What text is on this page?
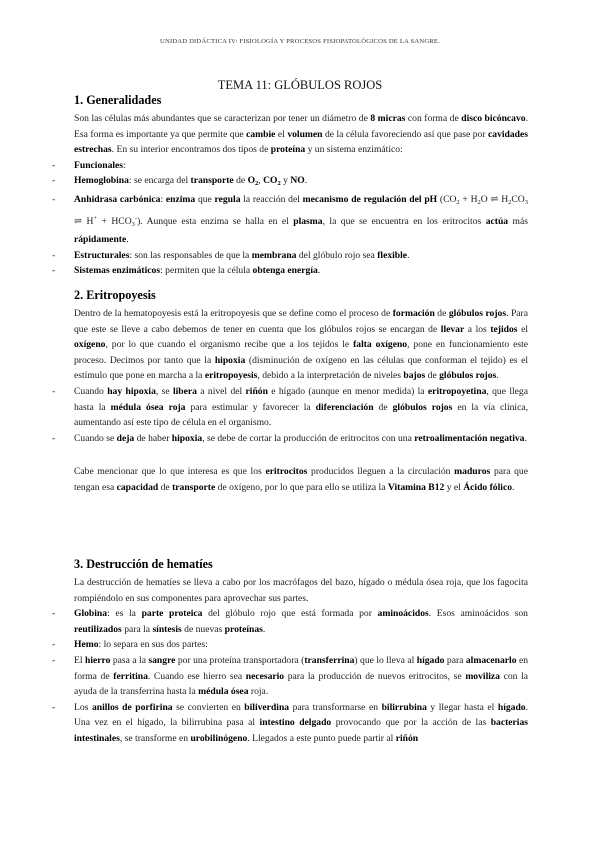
UNIDAD DIDÁCTICA IV: FISIOLOGÍA Y PROCESOS FISIOPATOLÓGICOS DE LA SANGRE.
TEMA 11: GLÓBULOS ROJOS
1. Generalidades

Son las células más abundantes que se caracterizan por tener un diámetro de 8 micras con forma de disco bicóncavo. Esa forma es importante ya que permite que cambie el volumen de la célula favoreciendo así que pase por cavidades estrechas. En su interior encontramos dos tipos de proteína y un sistema enzimático:

- Funcionales:
- Hemoglobina: se encarga del transporte de $O_2$, $CO_2$ y NO.
- Anhidrasa carbónica: enzima que regula la reacción del mecanismo de regulación del pH ($CO_2 + H_2O$ ⇌ $H_2CO_3$ ⇌ $H^+ + HCO_3^-$). Aunque esta enzima se halla en el plasma, la que se encuentra en los eritrocitos actúa más rápidamente.
- Estructurales: son las responsables de que la membrana del glóbulo rojo sea flexible.
- Sistemas enzimáticos: permiten que la célula obtenga energía.
2. Eritropoyesis

Dentro de la hematopoyesis está la eritropoyesis que se define como el proceso de formación de glóbulos rojos. Para que este se lleve a cabo debemos de tener en cuenta que los glóbulos rojos se encargan de llevar a los tejidos el oxígeno, por lo que cuando el organismo recibe que a los tejidos le falta oxígeno, pone en funcionamiento este proceso. Decimos por tanto que la hipoxia (disminución de oxígeno en las células que conforman el tejido) es el estímulo que pone en marcha a la eritropoyesis, debido a la interpretación de niveles bajos de glóbulos rojos.

- Cuando hay hipoxia, se libera a nivel del riñón e hígado (aunque en menor medida) la eritropoyetina, que llega hasta la médula ósea roja para estimular y favorecer la diferenciación de glóbulos rojos en la vía clínica, aumentando así este tipo de célula en el organismo.
- Cuando se deja de haber hipoxia, se debe de cortar la producción de eritrocitos con una retroalimentación negativa.

Cabe mencionar que lo que interesa es que los eritrocitos producidos lleguen a la circulación maduros para que tengan esa capacidad de transporte de oxígeno, por lo que para ello se utiliza la Vitamina B12 y el Ácido fólico.

3. Destrucción de hematíes

La destrucción de hematíes se lleva a cabo por los macrófagos del bazo, hígado o médula ósea roja, que los fagocita rompiéndolo en sus componentes para aprovechar sus partes.

- Globina: es la parte proteica del glóbulo rojo que está formada por aminoácidos. Esos aminoácidos son reutilizados para la síntesis de nuevas proteínas.
- Hemo: lo separa en sus dos partes:
- El hierro pasa a la sangre por una proteína transportadora (transferrina) que lo lleva al hígado para almacenarlo en forma de ferritina. Cuando ese hierro sea necesario para la producción de nuevos eritrocitos, se moviliza con la ayuda de la transferrina hasta la médula ósea roja.
- Los anillos de porfirina se convierten en biliverdina para transformarse en bilirrubina y llegar hasta el hígado. Una vez en el hígado, la bilirrubina pasa al intestino delgado provocando que por la acción de las bacterias intestinales, se transforme en urobilinógeno. Llegados a este punto puede partir al riñón
